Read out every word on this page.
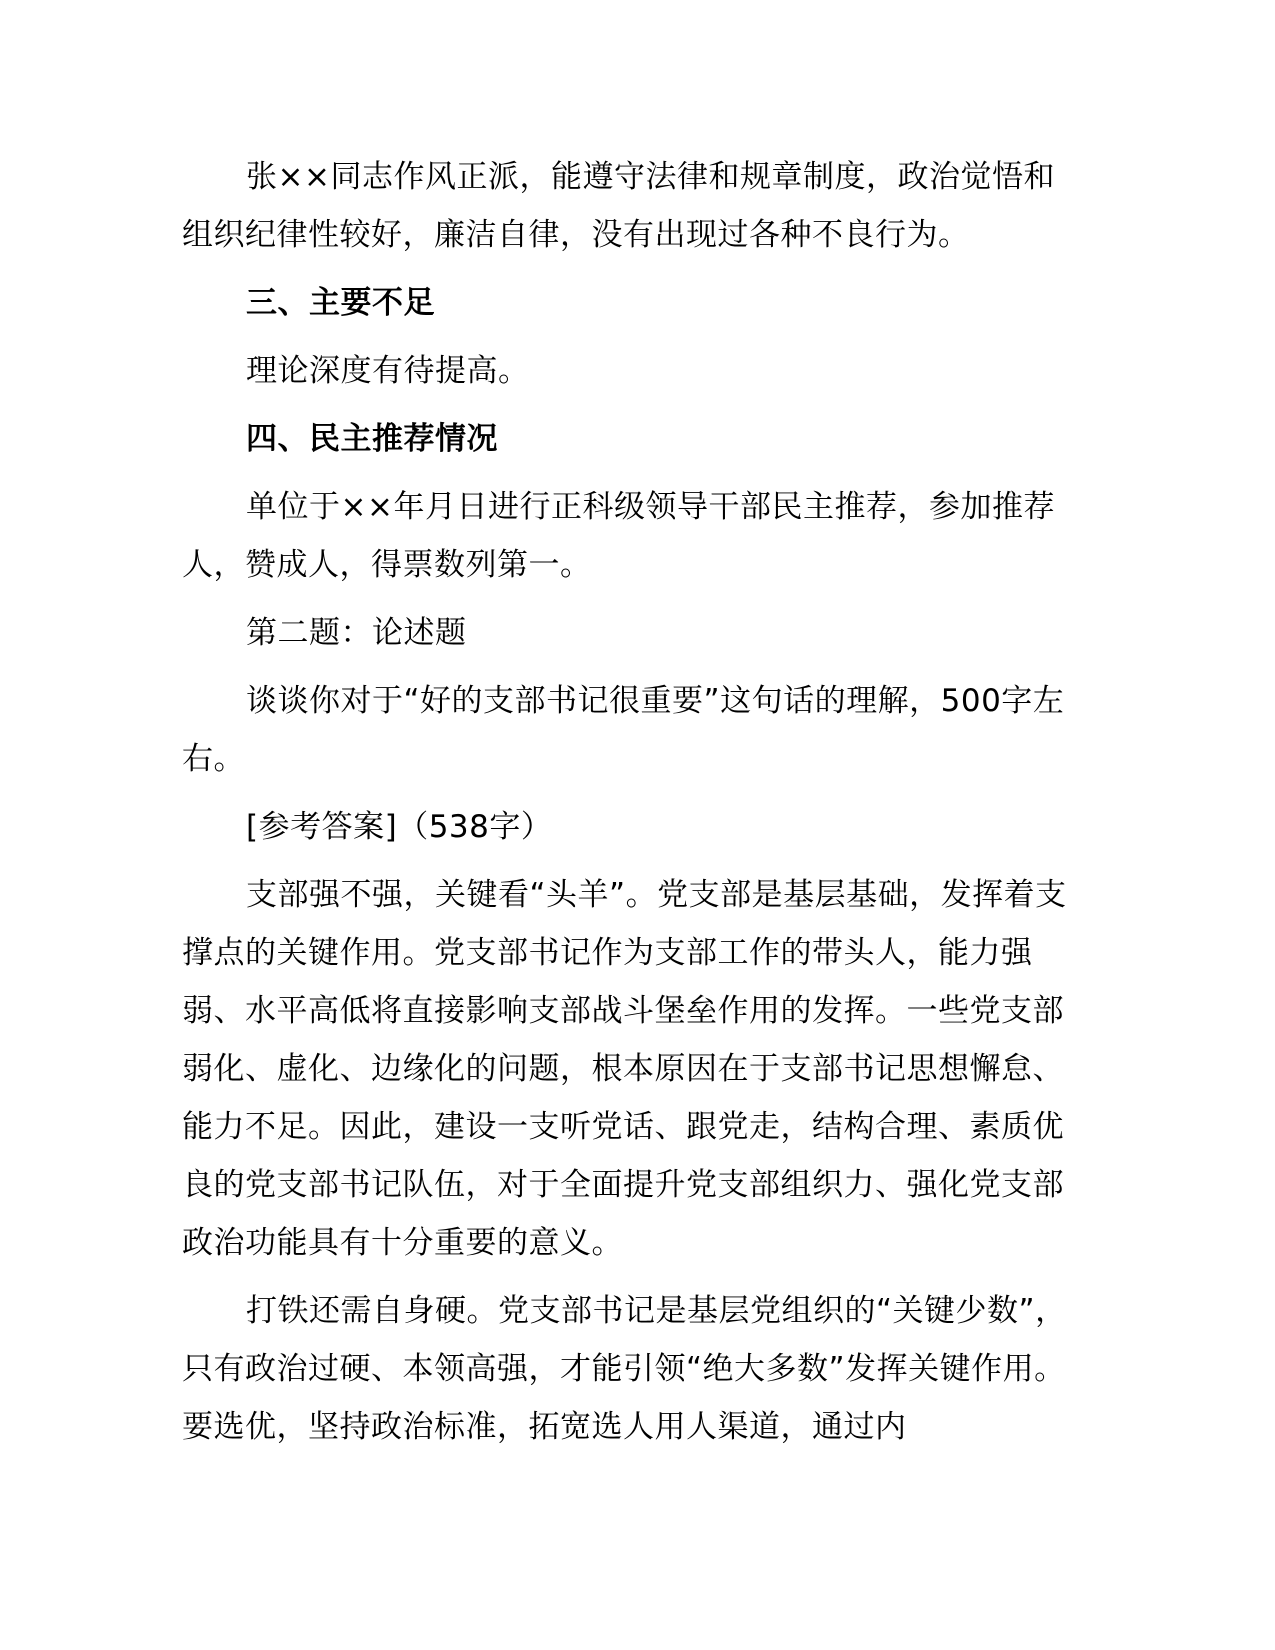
张××同志作风正派，能遵守法律和规章制度，政治觉悟和组织纪律性较好，廉洁自律，没有出现过各种不良行为。

三、主要不足

理论深度有待提高。

四、民主推荐情况

单位于××年月日进行正科级领导干部民主推荐，参加推荐人，赞成人，得票数列第一。

第二题：论述题

谈谈你对于“好的支部书记很重要”这句话的理解，500字左右。

[参考答案]（538字）

支部强不强，关键看“头羊”。党支部是基层基础，发挥着支撑点的关键作用。党支部书记作为支部工作的带头人，能力强弱、水平高低将直接影响支部战斗堡垒作用的发挥。一些党支部弱化、虚化、边缘化的问题，根本原因在于支部书记思想懈怠、能力不足。因此，建设一支听党话、跟党走，结构合理、素质优良的党支部书记队伍，对于全面提升党支部组织力、强化党支部政治功能具有十分重要的意义。

打铁还需自身硬。党支部书记是基层党组织的“关键少数”，只有政治过硬、本领高强，才能引领“绝大多数”发挥关键作用。要选优，坚持政治标准，拓宽选人用人渠道，通过内
